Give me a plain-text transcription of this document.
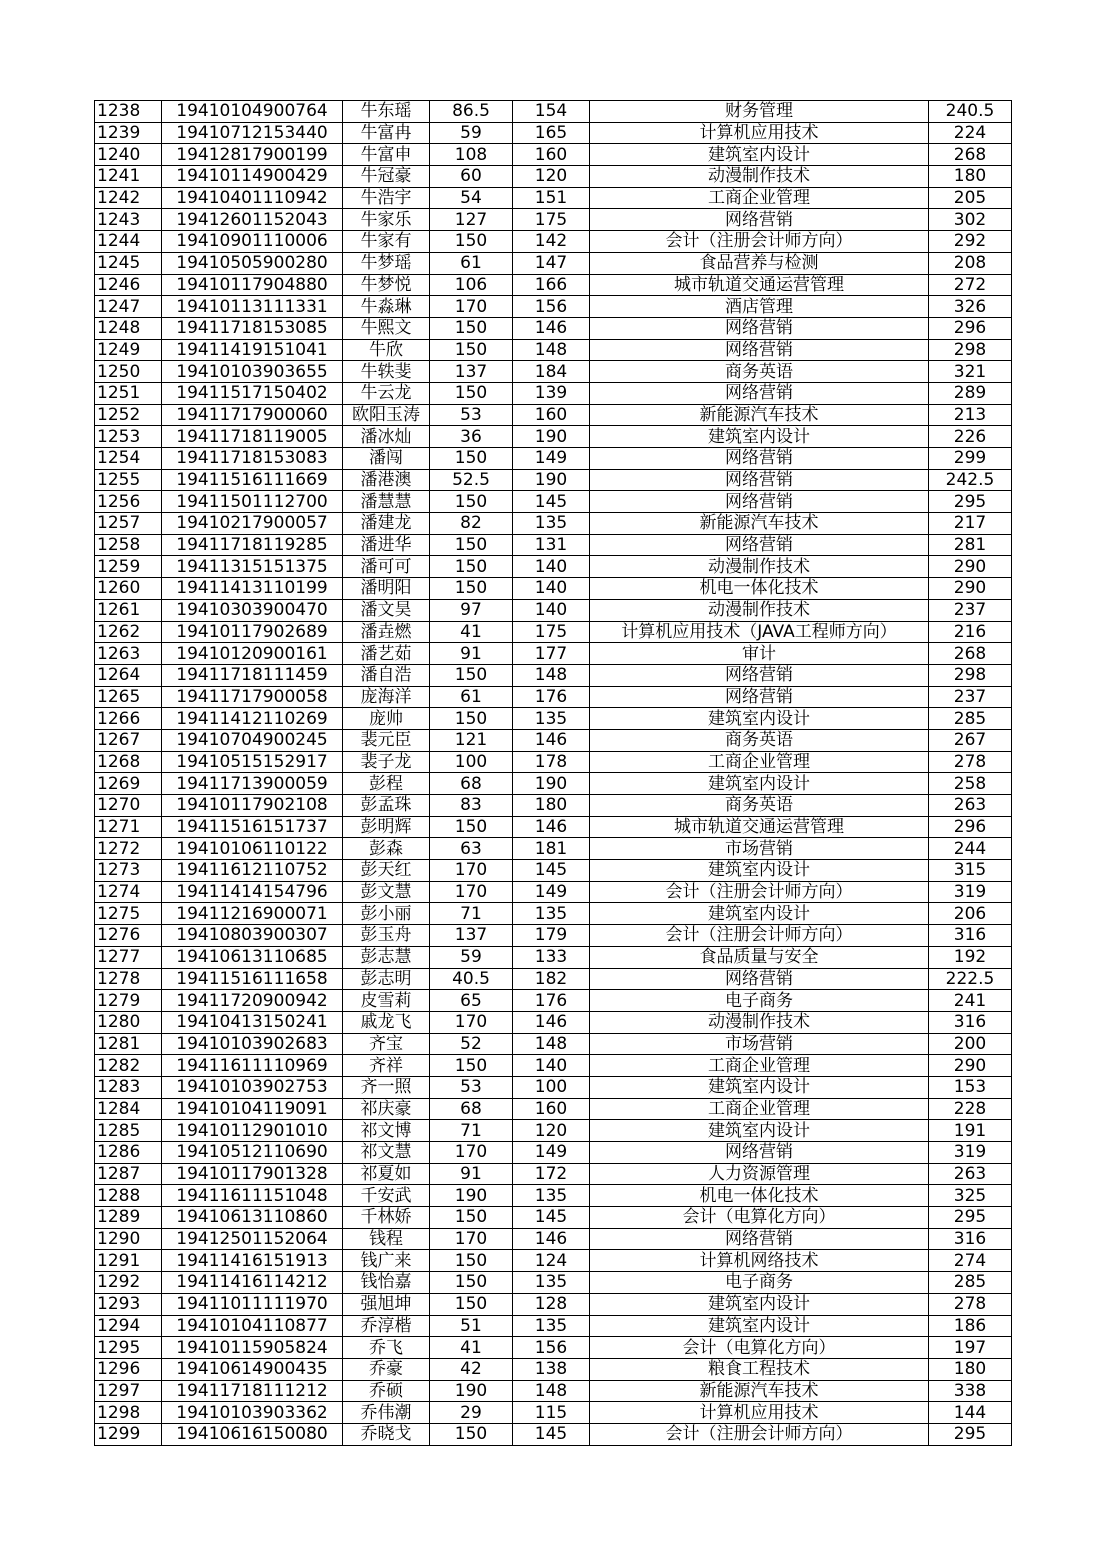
1238	19410104900764	牛东瑶	86.5	154	财务管理	240.5
1239	19410712153440	牛富冉	59	165	计算机应用技术	224
1240	19412817900199	牛富申	108	160	建筑室内设计	268
1241	19410114900429	牛冠豪	60	120	动漫制作技术	180
1242	19410401110942	牛浩宇	54	151	工商企业管理	205
1243	19412601152043	牛家乐	127	175	网络营销	302
1244	19410901110006	牛家有	150	142	会计（注册会计师方向）	292
1245	19410505900280	牛梦瑶	61	147	食品营养与检测	208
1246	19410117904880	牛梦悦	106	166	城市轨道交通运营管理	272
1247	19410113111331	牛淼琳	170	156	酒店管理	326
1248	19411718153085	牛熙文	150	146	网络营销	296
1249	19411419151041	牛欣	150	148	网络营销	298
1250	19410103903655	牛轶斐	137	184	商务英语	321
1251	19411517150402	牛云龙	150	139	网络营销	289
1252	19411717900060	欧阳玉涛	53	160	新能源汽车技术	213
1253	19411718119005	潘冰灿	36	190	建筑室内设计	226
1254	19411718153083	潘闯	150	149	网络营销	299
1255	19411516111669	潘港澳	52.5	190	网络营销	242.5
1256	19411501112700	潘慧慧	150	145	网络营销	295
1257	19410217900057	潘建龙	82	135	新能源汽车技术	217
1258	19411718119285	潘进华	150	131	网络营销	281
1259	19411315151375	潘可可	150	140	动漫制作技术	290
1260	19411413110199	潘明阳	150	140	机电一体化技术	290
1261	19410303900470	潘文昊	97	140	动漫制作技术	237
1262	19410117902689	潘垚燃	41	175	计算机应用技术（JAVA工程师方向）	216
1263	19410120900161	潘艺茹	91	177	审计	268
1264	19411718111459	潘自浩	150	148	网络营销	298
1265	19411717900058	庞海洋	61	176	网络营销	237
1266	19411412110269	庞帅	150	135	建筑室内设计	285
1267	19410704900245	裴元臣	121	146	商务英语	267
1268	19410515152917	裴子龙	100	178	工商企业管理	278
1269	19411713900059	彭程	68	190	建筑室内设计	258
1270	19410117902108	彭孟珠	83	180	商务英语	263
1271	19411516151737	彭明辉	150	146	城市轨道交通运营管理	296
1272	19410106110122	彭森	63	181	市场营销	244
1273	19411612110752	彭天红	170	145	建筑室内设计	315
1274	19411414154796	彭文慧	170	149	会计（注册会计师方向）	319
1275	19411216900071	彭小丽	71	135	建筑室内设计	206
1276	19410803900307	彭玉舟	137	179	会计（注册会计师方向）	316
1277	19410613110685	彭志慧	59	133	食品质量与安全	192
1278	19411516111658	彭志明	40.5	182	网络营销	222.5
1279	19411720900942	皮雪莉	65	176	电子商务	241
1280	19410413150241	戚龙飞	170	146	动漫制作技术	316
1281	19410103902683	齐宝	52	148	市场营销	200
1282	19411611110969	齐祥	150	140	工商企业管理	290
1283	19410103902753	齐一照	53	100	建筑室内设计	153
1284	19410104119091	祁庆豪	68	160	工商企业管理	228
1285	19410112901010	祁文博	71	120	建筑室内设计	191
1286	19410512110690	祁文慧	170	149	网络营销	319
1287	19410117901328	祁夏如	91	172	人力资源管理	263
1288	19411611151048	千安武	190	135	机电一体化技术	325
1289	19410613110860	千林娇	150	145	会计（电算化方向）	295
1290	19412501152064	钱程	170	146	网络营销	316
1291	19411416151913	钱广来	150	124	计算机网络技术	274
1292	19411416114212	钱怡嘉	150	135	电子商务	285
1293	19411011111970	强旭坤	150	128	建筑室内设计	278
1294	19410104110877	乔淳楷	51	135	建筑室内设计	186
1295	19410115905824	乔飞	41	156	会计（电算化方向）	197
1296	19410614900435	乔豪	42	138	粮食工程技术	180
1297	19411718111212	乔硕	190	148	新能源汽车技术	338
1298	19410103903362	乔伟潮	29	115	计算机应用技术	144
1299	19410616150080	乔晓戈	150	145	会计（注册会计师方向）	295
